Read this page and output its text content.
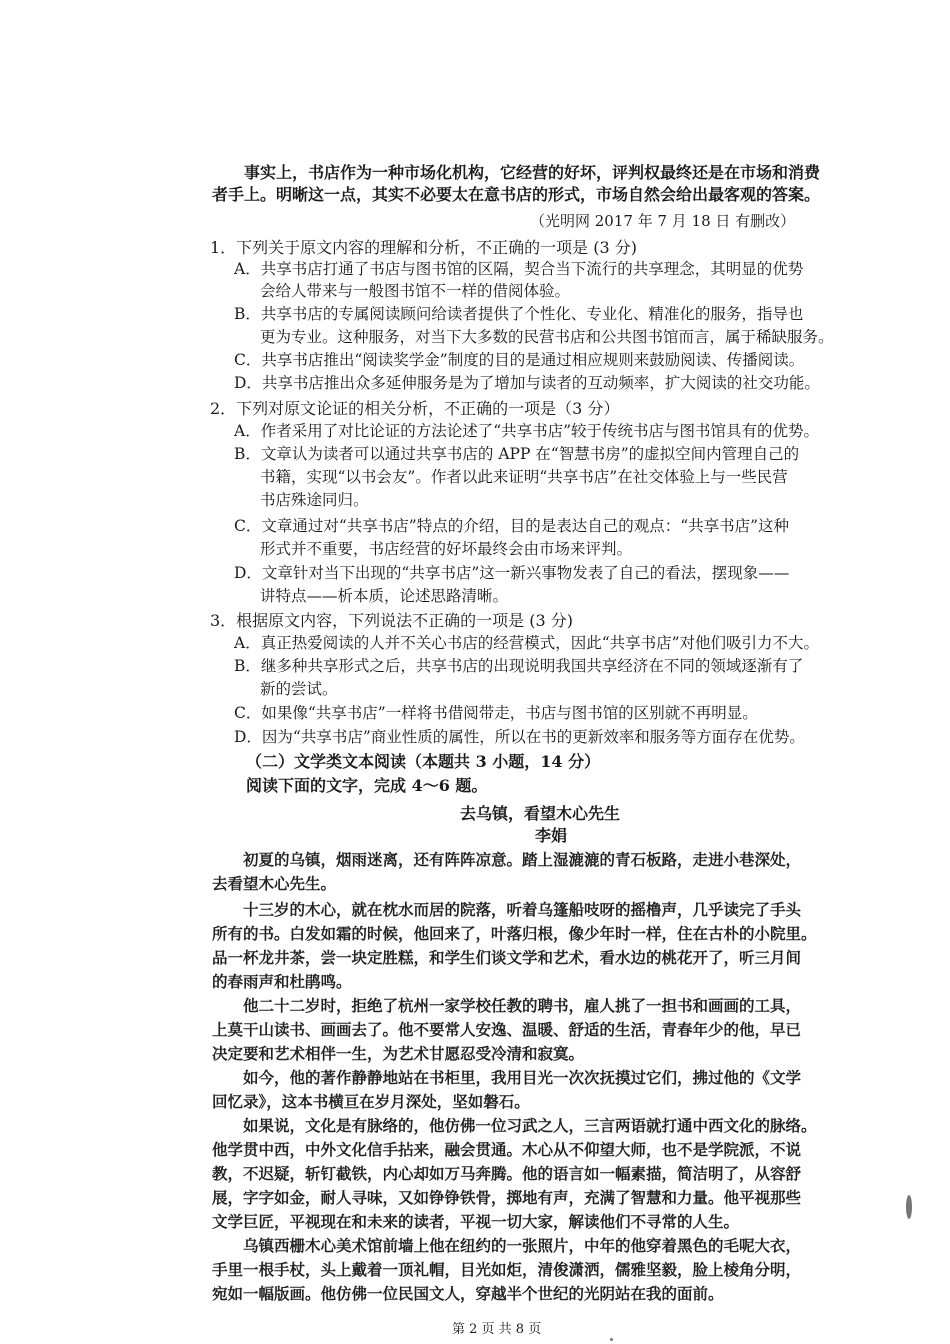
事实上，书店作为一种市场化机构，它经营的好坏，评判权最终还是在市场和消费
者手上。明晰这一点，其实不必要太在意书店的形式，市场自然会给出最客观的答案。
（光明网 2017 年 7 月 18 日 有删改）
1．下列关于原文内容的理解和分析，不正确的一项是 (3 分)
A．共享书店打通了书店与图书馆的区隔，契合当下流行的共享理念，其明显的优势
会给人带来与一般图书馆不一样的借阅体验。
B．共享书店的专属阅读顾问给读者提供了个性化、专业化、精准化的服务，指导也
更为专业。这种服务，对当下大多数的民营书店和公共图书馆而言，属于稀缺服务。
C．共享书店推出“阅读奖学金”制度的目的是通过相应规则来鼓励阅读、传播阅读。
D．共享书店推出众多延伸服务是为了增加与读者的互动频率，扩大阅读的社交功能。
2．下列对原文论证的相关分析，不正确的一项是（3 分）
A．作者采用了对比论证的方法论述了“共享书店”较于传统书店与图书馆具有的优势。
B．文章认为读者可以通过共享书店的 APP 在“智慧书房”的虚拟空间内管理自己的
书籍，实现“以书会友”。作者以此来证明“共享书店”在社交体验上与一些民营
书店殊途同归。
C．文章通过对“共享书店”特点的介绍，目的是表达自己的观点：“共享书店”这种
形式并不重要，书店经营的好坏最终会由市场来评判。
D．文章针对当下出现的“共享书店”这一新兴事物发表了自己的看法，摆现象——
讲特点——析本质，论述思路清晰。
3．根据原文内容，下列说法不正确的一项是 (3 分)
A．真正热爱阅读的人并不关心书店的经营模式，因此“共享书店”对他们吸引力不大。
B．继多种共享形式之后，共享书店的出现说明我国共享经济在不同的领域逐渐有了
新的尝试。
C．如果像“共享书店”一样将书借阅带走，书店与图书馆的区别就不再明显。
D．因为“共享书店”商业性质的属性，所以在书的更新效率和服务等方面存在优势。
（二）文学类文本阅读（本题共 3 小题，14 分）
阅读下面的文字，完成 4～6 题。
去乌镇，看望木心先生
李娟
　　初夏的乌镇，烟雨迷离，还有阵阵凉意。踏上湿漉漉的青石板路，走进小巷深处，
去看望木心先生。
　　十三岁的木心，就在枕水而居的院落，听着乌篷船吱呀的摇橹声，几乎读完了手头
所有的书。白发如霜的时候，他回来了，叶落归根，像少年时一样，住在古朴的小院里。
品一杯龙井茶，尝一块定胜糕，和学生们谈文学和艺术，看水边的桃花开了，听三月间
的春雨声和杜鹃鸣。
　　他二十二岁时，拒绝了杭州一家学校任教的聘书，雇人挑了一担书和画画的工具，
上莫干山读书、画画去了。他不要常人安逸、温暖、舒适的生活，青春年少的他，早已
决定要和艺术相伴一生，为艺术甘愿忍受冷清和寂寞。
　　如今，他的著作静静地站在书柜里，我用目光一次次抚摸过它们，拂过他的《文学
回忆录》，这本书横亘在岁月深处，坚如磐石。
　　如果说，文化是有脉络的，他仿佛一位习武之人，三言两语就打通中西文化的脉络。
他学贯中西，中外文化信手拈来，融会贯通。木心从不仰望大师，也不是学院派，不说
教，不迟疑，斩钉截铁，内心却如万马奔腾。他的语言如一幅素描，简洁明了，从容舒
展，字字如金，耐人寻味，又如铮铮铁骨，掷地有声，充满了智慧和力量。他平视那些
文学巨匠，平视现在和未来的读者，平视一切大家，解读他们不寻常的人生。
　　乌镇西栅木心美术馆前墙上他在纽约的一张照片，中年的他穿着黑色的毛呢大衣，
手里一根手杖，头上戴着一顶礼帽，目光如炬，清俊潇洒，儒雅坚毅，脸上棱角分明，
宛如一幅版画。他仿佛一位民国文人，穿越半个世纪的光阴站在我的面前。
第 2 页 共 8 页
